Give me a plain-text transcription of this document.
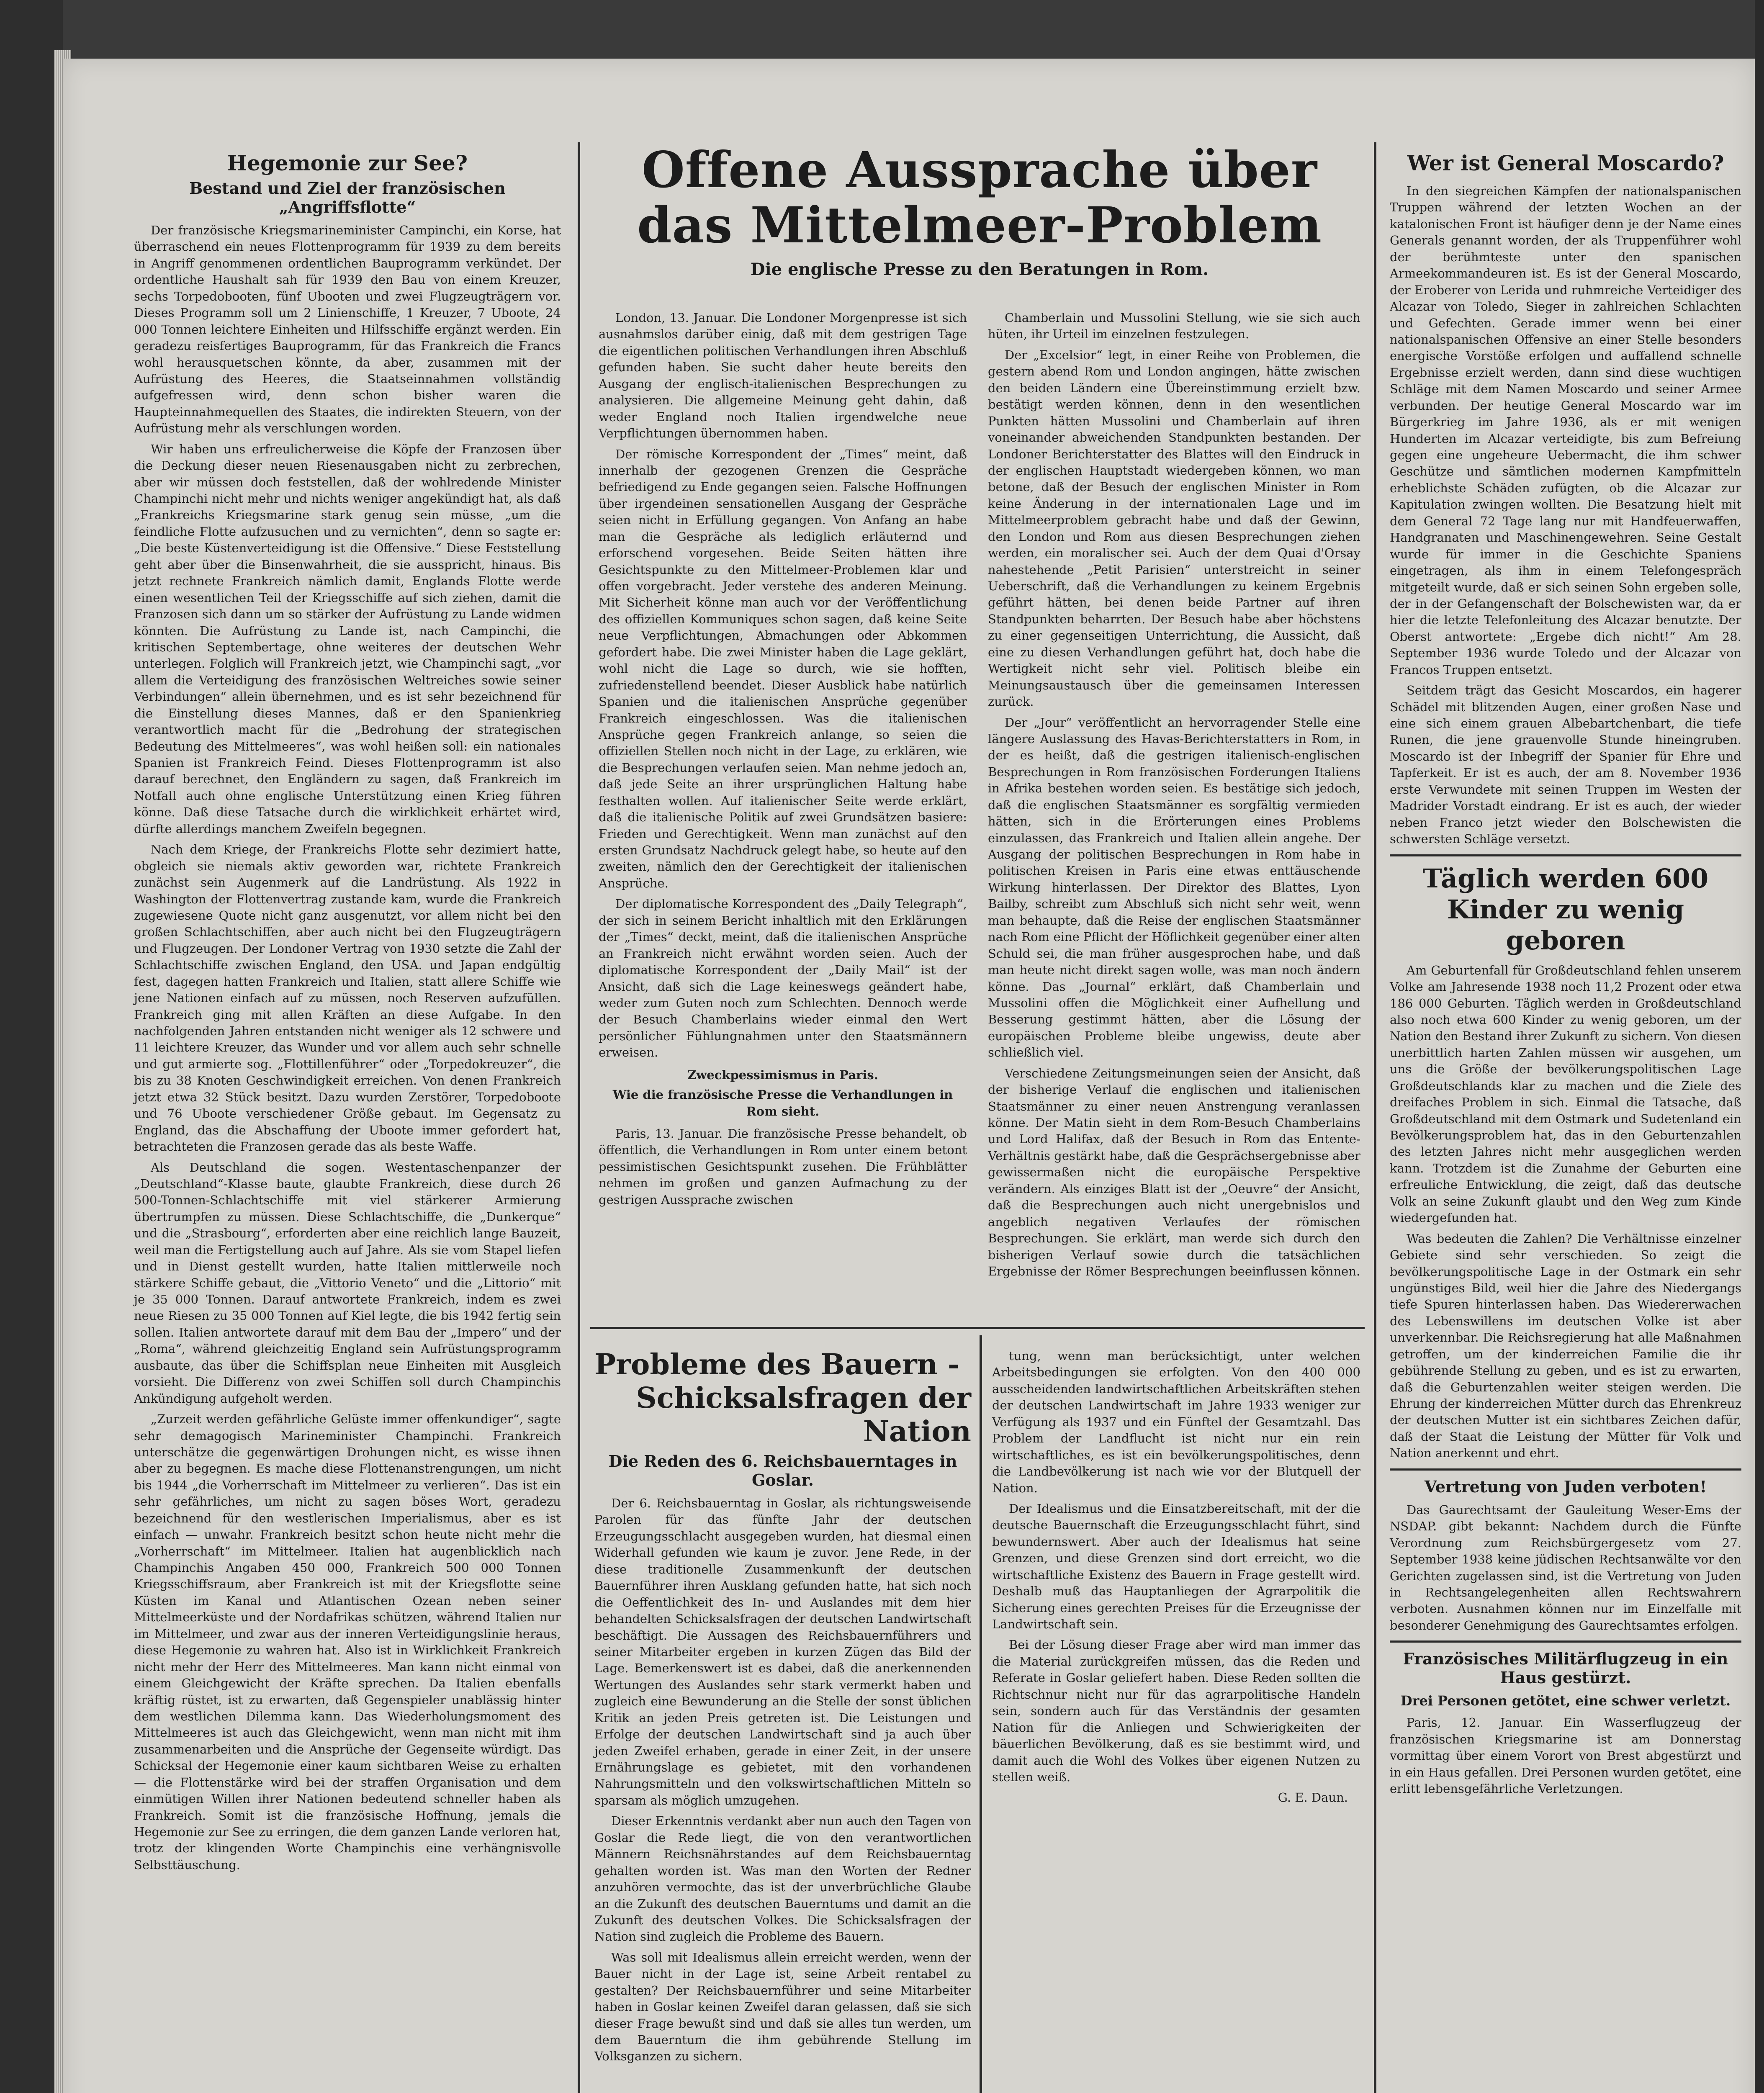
Hegemonie zur See?
Bestand und Ziel der französischen „Angriffsflotte“

Der französische Kriegsmarineminister Campinchi, ein Korse, hat überraschend ein neues Flottenprogramm für 1939 zu dem bereits in Angriff genommenen ordentlichen Bauprogramm verkündet. Der ordentliche Haushalt sah für 1939 den Bau von einem Kreuzer, sechs Torpedobooten, fünf Ubooten und zwei Flugzeugträgern vor. Dieses Programm soll um 2 Linienschiffe, 1 Kreuzer, 7 Uboote, 24 000 Tonnen leichtere Einheiten und Hilfsschiffe ergänzt werden. Ein geradezu reisfertiges Bauprogramm, für das Frankreich die Francs wohl herausquetschen könnte, da aber, zusammen mit der Aufrüstung des Heeres, die Staatseinnahmen vollständig aufgefressen wird, denn schon bisher waren die Haupteinnahmequellen des Staates, die indirekten Steuern, von der Aufrüstung mehr als verschlungen worden.

Wir haben uns erfreulicherweise die Köpfe der Franzosen über die Deckung dieser neuen Riesenausgaben nicht zu zerbrechen, aber wir müssen doch feststellen, daß der wohlredende Minister Champinchi nicht mehr und nichts weniger angekündigt hat, als daß „Frankreichs Kriegsmarine stark genug sein müsse, „um die feindliche Flotte aufzusuchen und zu vernichten“, denn so sagte er: „Die beste Küstenverteidigung ist die Offensive.“ Diese Feststellung geht aber über die Binsenwahrheit, die sie ausspricht, hinaus. Bis jetzt rechnete Frankreich nämlich damit, Englands Flotte werde einen wesentlichen Teil der Kriegsschiffe auf sich ziehen, damit die Franzosen sich dann um so stärker der Aufrüstung zu Lande widmen könnten. Die Aufrüstung zu Lande ist, nach Campinchi, die kritischen Septembertage, ohne weiteres der deutschen Wehr unterlegen. Folglich will Frankreich jetzt, wie Champinchi sagt, „vor allem die Verteidigung des französischen Weltreiches sowie seiner Verbindungen“ allein übernehmen, und es ist sehr bezeichnend für die Einstellung dieses Mannes, daß er den Spanienkrieg verantwortlich macht für die „Bedrohung der strategischen Bedeutung des Mittelmeeres“, was wohl heißen soll: ein nationales Spanien ist Frankreich Feind. Dieses Flottenprogramm ist also darauf berechnet, den Engländern zu sagen, daß Frankreich im Notfall auch ohne englische Unterstützung einen Krieg führen könne. Daß diese Tatsache durch die wirklichkeit erhärtet wird, dürfte allerdings manchem Zweifeln begegnen.

Nach dem Kriege, der Frankreichs Flotte sehr dezimiert hatte, obgleich sie niemals aktiv geworden war, richtete Frankreich zunächst sein Augenmerk auf die Landrüstung. Als 1922 in Washington der Flottenvertrag zustande kam, wurde die Frankreich zugewiesene Quote nicht ganz ausgenutzt, vor allem nicht bei den großen Schlachtschiffen, aber auch nicht bei den Flugzeugträgern und Flugzeugen. Der Londoner Vertrag von 1930 setzte die Zahl der Schlachtschiffe zwischen England, den USA. und Japan endgültig fest, dagegen hatten Frankreich und Italien, statt allere Schiffe wie jene Nationen einfach auf zu müssen, noch Reserven aufzufüllen. Frankreich ging mit allen Kräften an diese Aufgabe. In den nachfolgenden Jahren entstanden nicht weniger als 12 schwere und 11 leichtere Kreuzer, das Wunder und vor allem auch sehr schnelle und gut armierte sog. „Flottillenführer“ oder „Torpedokreuzer“, die bis zu 38 Knoten Geschwindigkeit erreichen. Von denen Frankreich jetzt etwa 32 Stück besitzt. Dazu wurden Zerstörer, Torpedoboote und 76 Uboote verschiedener Größe gebaut. Im Gegensatz zu England, das die Abschaffung der Uboote immer gefordert hat, betrachteten die Franzosen gerade das als beste Waffe.

Als Deutschland die sogen. Westentaschenpanzer der „Deutschland“-Klasse baute, glaubte Frankreich, diese durch 26 500-Tonnen-Schlachtschiffe mit viel stärkerer Armierung übertrumpfen zu müssen. Diese Schlachtschiffe, die „Dunkerque“ und die „Strasbourg“, erforderten aber eine reichlich lange Bauzeit, weil man die Fertigstellung auch auf Jahre. Als sie vom Stapel liefen und in Dienst gestellt wurden, hatte Italien mittlerweile noch stärkere Schiffe gebaut, die „Vittorio Veneto“ und die „Littorio“ mit je 35 000 Tonnen. Darauf antwortete Frankreich, indem es zwei neue Riesen zu 35 000 Tonnen auf Kiel legte, die bis 1942 fertig sein sollen. Italien antwortete darauf mit dem Bau der „Impero“ und der „Roma“, während gleichzeitig England sein Aufrüstungsprogramm ausbaute, das über die Schiffsplan neue Einheiten mit Ausgleich vorsieht. Die Differenz von zwei Schiffen soll durch Champinchis Ankündigung aufgeholt werden.

„Zurzeit werden gefährliche Gelüste immer offenkundiger“, sagte sehr demagogisch Marineminister Champinchi. Frankreich unterschätze die gegenwärtigen Drohungen nicht, es wisse ihnen aber zu begegnen. Es mache diese Flottenanstrengungen, um nicht bis 1944 „die Vorherrschaft im Mittelmeer zu verlieren“. Das ist ein sehr gefährliches, um nicht zu sagen böses Wort, geradezu bezeichnend für den westlerischen Imperialismus, aber es ist einfach — unwahr. Frankreich besitzt schon heute nicht mehr die „Vorherrschaft“ im Mittelmeer. Italien hat augenblicklich nach Champinchis Angaben 450 000, Frankreich 500 000 Tonnen Kriegsschiffsraum, aber Frankreich ist mit der Kriegsflotte seine Küsten im Kanal und Atlantischen Ozean neben seiner Mittelmeerküste und der Nordafrikas schützen, während Italien nur im Mittelmeer, und zwar aus der inneren Verteidigungslinie heraus, diese Hegemonie zu wahren hat. Also ist in Wirklichkeit Frankreich nicht mehr der Herr des Mittelmeeres. Man kann nicht einmal von einem Gleichgewicht der Kräfte sprechen. Da Italien ebenfalls kräftig rüstet, ist zu erwarten, daß Gegenspieler unablässig hinter dem westlichen Dilemma kann. Das Wiederholungsmoment des Mittelmeeres ist auch das Gleichgewicht, wenn man nicht mit ihm zusammenarbeiten und die Ansprüche der Gegenseite würdigt. Das Schicksal der Hegemonie einer kaum sichtbaren Weise zu erhalten — die Flottenstärke wird bei der straffen Organisation und dem einmütigen Willen ihrer Nationen bedeutend schneller haben als Frankreich. Somit ist die französische Hoffnung, jemals die Hegemonie zur See zu erringen, die dem ganzen Lande verloren hat, trotz der klingenden Worte Champinchis eine verhängnisvolle Selbsttäuschung.

Offene Aussprache über das Mittelmeer-Problem
Die englische Presse zu den Beratungen in Rom.

London, 13. Januar. Die Londoner Morgenpresse ist sich ausnahmslos darüber einig, daß mit dem gestrigen Tage die eigentlichen politischen Verhandlungen ihren Abschluß gefunden haben. Sie sucht daher heute bereits den Ausgang der englisch-italienischen Besprechungen zu analysieren. Die allgemeine Meinung geht dahin, daß weder England noch Italien irgendwelche neue Verpflichtungen übernommen haben.

Der römische Korrespondent der „Times“ meint, daß innerhalb der gezogenen Grenzen die Gespräche befriedigend zu Ende gegangen seien. Falsche Hoffnungen über irgendeinen sensationellen Ausgang der Gespräche seien nicht in Erfüllung gegangen. Von Anfang an habe man die Gespräche als lediglich erläuternd und erforschend vorgesehen. Beide Seiten hätten ihre Gesichtspunkte zu den Mittelmeer-Problemen klar und offen vorgebracht. Jeder verstehe des anderen Meinung. Mit Sicherheit könne man auch vor der Veröffentlichung des offiziellen Kommuniques schon sagen, daß keine Seite neue Verpflichtungen, Abmachungen oder Abkommen gefordert habe. Die zwei Minister haben die Lage geklärt, wohl nicht die Lage so durch, wie sie hofften, zufriedenstellend beendet. Dieser Ausblick habe natürlich Spanien und die italienischen Ansprüche gegenüber Frankreich eingeschlossen. Was die italienischen Ansprüche gegen Frankreich anlange, so seien die offiziellen Stellen noch nicht in der Lage, zu erklären, wie die Besprechungen verlaufen seien. Man nehme jedoch an, daß jede Seite an ihrer ursprünglichen Haltung habe festhalten wollen. Auf italienischer Seite werde erklärt, daß die italienische Politik auf zwei Grundsätzen basiere: Frieden und Gerechtigkeit. Wenn man zunächst auf den ersten Grundsatz Nachdruck gelegt habe, so heute auf den zweiten, nämlich den der Gerechtigkeit der italienischen Ansprüche.

Der diplomatische Korrespondent des „Daily Telegraph“, der sich in seinem Bericht inhaltlich mit den Erklärungen der „Times“ deckt, meint, daß die italienischen Ansprüche an Frankreich nicht erwähnt worden seien. Auch der diplomatische Korrespondent der „Daily Mail“ ist der Ansicht, daß sich die Lage keineswegs geändert habe, weder zum Guten noch zum Schlechten. Dennoch werde der Besuch Chamberlains wieder einmal den Wert persönlicher Fühlungnahmen unter den Staatsmännern erweisen.

Zweckpessimismus in Paris.

Wie die französische Presse die Verhandlungen in Rom sieht.

Paris, 13. Januar. Die französische Presse behandelt, ob öffentlich, die Verhandlungen in Rom unter einem betont pessimistischen Gesichtspunkt zusehen. Die Frühblätter nehmen im großen und ganzen Aufmachung zu der gestrigen Aussprache zwischen

Chamberlain und Mussolini Stellung, wie sie sich auch hüten, ihr Urteil im einzelnen festzulegen.

Der „Excelsior“ legt, in einer Reihe von Problemen, die gestern abend Rom und London angingen, hätte zwischen den beiden Ländern eine Übereinstimmung erzielt bzw. bestätigt werden können, denn in den wesentlichen Punkten hätten Mussolini und Chamberlain auf ihren voneinander abweichenden Standpunkten bestanden. Der Londoner Berichterstatter des Blattes will den Eindruck in der englischen Hauptstadt wiedergeben können, wo man betone, daß der Besuch der englischen Minister in Rom keine Änderung in der internationalen Lage und im Mittelmeerproblem gebracht habe und daß der Gewinn, den London und Rom aus diesen Besprechungen ziehen werden, ein moralischer sei. Auch der dem Quai d'Orsay nahestehende „Petit Parisien“ unterstreicht in seiner Ueberschrift, daß die Verhandlungen zu keinem Ergebnis geführt hätten, bei denen beide Partner auf ihren Standpunkten beharrten. Der Besuch habe aber höchstens zu einer gegenseitigen Unterrichtung, die Aussicht, daß eine zu diesen Verhandlungen geführt hat, doch habe die Wertigkeit nicht sehr viel. Politisch bleibe ein Meinungsaustausch über die gemeinsamen Interessen zurück.

Der „Jour“ veröffentlicht an hervorragender Stelle eine längere Auslassung des Havas-Berichterstatters in Rom, in der es heißt, daß die gestrigen italienisch-englischen Besprechungen in Rom französischen Forderungen Italiens in Afrika bestehen worden seien. Es bestätige sich jedoch, daß die englischen Staatsmänner es sorgfältig vermieden hätten, sich in die Erörterungen eines Problems einzulassen, das Frankreich und Italien allein angehe. Der Ausgang der politischen Besprechungen in Rom habe in politischen Kreisen in Paris eine etwas enttäuschende Wirkung hinterlassen. Der Direktor des Blattes, Lyon Bailby, schreibt zum Abschluß sich nicht sehr weit, wenn man behaupte, daß die Reise der englischen Staatsmänner nach Rom eine Pflicht der Höflichkeit gegenüber einer alten Schuld sei, die man früher ausgesprochen habe, und daß man heute nicht direkt sagen wolle, was man noch ändern könne. Das „Journal“ erklärt, daß Chamberlain und Mussolini offen die Möglichkeit einer Aufhellung und Besserung gestimmt hätten, aber die Lösung der europäischen Probleme bleibe ungewiss, deute aber schließlich viel.

Verschiedene Zeitungsmeinungen seien der Ansicht, daß der bisherige Verlauf die englischen und italienischen Staatsmänner zu einer neuen Anstrengung veranlassen könne. Der Matin sieht in dem Rom-Besuch Chamberlains und Lord Halifax, daß der Besuch in Rom das Entente-Verhältnis gestärkt habe, daß die Gesprächsergebnisse aber gewissermaßen nicht die europäische Perspektive verändern. Als einziges Blatt ist der „Oeuvre“ der Ansicht, daß die Besprechungen auch nicht unergebnislos und angeblich negativen Verlaufes der römischen Besprechungen. Sie erklärt, man werde sich durch den bisherigen Verlauf sowie durch die tatsächlichen Ergebnisse der Römer Besprechungen beeinflussen können.

Probleme des Bauern -
Schicksalsfragen der Nation
Die Reden des 6. Reichsbauerntages in Goslar.

Der 6. Reichsbauerntag in Goslar, als richtungsweisende Parolen für das fünfte Jahr der deutschen Erzeugungsschlacht ausgegeben wurden, hat diesmal einen Widerhall gefunden wie kaum je zuvor. Jene Rede, in der diese traditionelle Zusammenkunft der deutschen Bauernführer ihren Ausklang gefunden hatte, hat sich noch die Oeffentlichkeit des In- und Auslandes mit dem hier behandelten Schicksalsfragen der deutschen Landwirtschaft beschäftigt. Die Aussagen des Reichsbauernführers und seiner Mitarbeiter ergeben in kurzen Zügen das Bild der Lage. Bemerkenswert ist es dabei, daß die anerkennenden Wertungen des Auslandes sehr stark vermerkt haben und zugleich eine Bewunderung an die Stelle der sonst üblichen Kritik an jeden Preis getreten ist. Die Leistungen und Erfolge der deutschen Landwirtschaft sind ja auch über jeden Zweifel erhaben, gerade in einer Zeit, in der unsere Ernährungslage es gebietet, mit den vorhandenen Nahrungsmitteln und den volkswirtschaftlichen Mitteln so sparsam als möglich umzugehen.

Dieser Erkenntnis verdankt aber nun auch den Tagen von Goslar die Rede liegt, die von den verantwortlichen Männern Reichsnährstandes auf dem Reichsbauerntag gehalten worden ist. Was man den Worten der Redner anzuhören vermochte, das ist der unverbrüchliche Glaube an die Zukunft des deutschen Bauerntums und damit an die Zukunft des deutschen Volkes. Die Schicksalsfragen der Nation sind zugleich die Probleme des Bauern.

Was soll mit Idealismus allein erreicht werden, wenn der Bauer nicht in der Lage ist, seine Arbeit rentabel zu gestalten? Der Reichsbauernführer und seine Mitarbeiter haben in Goslar keinen Zweifel daran gelassen, daß sie sich dieser Frage bewußt sind und daß sie alles tun werden, um dem Bauerntum die ihm gebührende Stellung im Volksganzen zu sichern.

tung, wenn man berücksichtigt, unter welchen Arbeitsbedingungen sie erfolgten. Von den 400 000 ausscheidenden landwirtschaftlichen Arbeitskräften stehen der deutschen Landwirtschaft im Jahre 1933 weniger zur Verfügung als 1937 und ein Fünftel der Gesamtzahl. Das Problem der Landflucht ist nicht nur ein rein wirtschaftliches, es ist ein bevölkerungspolitisches, denn die Landbevölkerung ist nach wie vor der Blutquell der Nation.

Der Idealismus und die Einsatzbereitschaft, mit der die deutsche Bauernschaft die Erzeugungsschlacht führt, sind bewundernswert. Aber auch der Idealismus hat seine Grenzen, und diese Grenzen sind dort erreicht, wo die wirtschaftliche Existenz des Bauern in Frage gestellt wird. Deshalb muß das Hauptanliegen der Agrarpolitik die Sicherung eines gerechten Preises für die Erzeugnisse der Landwirtschaft sein.

Bei der Lösung dieser Frage aber wird man immer das die Material zurückgreifen müssen, das die Reden und Referate in Goslar geliefert haben. Diese Reden sollten die Richtschnur nicht nur für das agrarpolitische Handeln sein, sondern auch für das Verständnis der gesamten Nation für die Anliegen und Schwierigkeiten der bäuerlichen Bevölkerung, daß es sie bestimmt wird, und damit auch die Wohl des Volkes über eigenen Nutzen zu stellen weiß.

G. E. Daun.

Wer ist General Moscardo?

In den siegreichen Kämpfen der nationalspanischen Truppen während der letzten Wochen an der katalonischen Front ist häufiger denn je der Name eines Generals genannt worden, der als Truppenführer wohl der berühmteste unter den spanischen Armeekommandeuren ist. Es ist der General Moscardo, der Eroberer von Lerida und ruhmreiche Verteidiger des Alcazar von Toledo, Sieger in zahlreichen Schlachten und Gefechten. Gerade immer wenn bei einer nationalspanischen Offensive an einer Stelle besonders energische Vorstöße erfolgen und auffallend schnelle Ergebnisse erzielt werden, dann sind diese wuchtigen Schläge mit dem Namen Moscardo und seiner Armee verbunden. Der heutige General Moscardo war im Bürgerkrieg im Jahre 1936, als er mit wenigen Hunderten im Alcazar verteidigte, bis zum Befreiung gegen eine ungeheure Uebermacht, die ihm schwer Geschütze und sämtlichen modernen Kampfmitteln erheblichste Schäden zufügten, ob die Alcazar zur Kapitulation zwingen wollten. Die Besatzung hielt mit dem General 72 Tage lang nur mit Handfeuerwaffen, Handgranaten und Maschinengewehren. Seine Gestalt wurde für immer in die Geschichte Spaniens eingetragen, als ihm in einem Telefongespräch mitgeteilt wurde, daß er sich seinen Sohn ergeben solle, der in der Gefangenschaft der Bolschewisten war, da er hier die letzte Telefonleitung des Alcazar benutzte. Der Oberst antwortete: „Ergebe dich nicht!“ Am 28. September 1936 wurde Toledo und der Alcazar von Francos Truppen entsetzt.

Seitdem trägt das Gesicht Moscardos, ein hagerer Schädel mit blitzenden Augen, einer großen Nase und eine sich einem grauen Albebartchenbart, die tiefe Runen, die jene grauenvolle Stunde hineingruben. Moscardo ist der Inbegriff der Spanier für Ehre und Tapferkeit. Er ist es auch, der am 8. November 1936 erste Verwundete mit seinen Truppen im Westen der Madrider Vorstadt eindrang. Er ist es auch, der wieder neben Franco jetzt wieder den Bolschewisten die schwersten Schläge versetzt.

Täglich werden 600 Kinder zu wenig geboren

Am Geburtenfall für Großdeutschland fehlen unserem Volke am Jahresende 1938 noch 11,2 Prozent oder etwa 186 000 Geburten. Täglich werden in Großdeutschland also noch etwa 600 Kinder zu wenig geboren, um der Nation den Bestand ihrer Zukunft zu sichern. Von diesen unerbittlich harten Zahlen müssen wir ausgehen, um uns die Größe der bevölkerungspolitischen Lage Großdeutschlands klar zu machen und die Ziele des dreifaches Problem in sich. Einmal die Tatsache, daß Großdeutschland mit dem Ostmark und Sudetenland ein Bevölkerungsproblem hat, das in den Geburtenzahlen des letzten Jahres nicht mehr ausgeglichen werden kann. Trotzdem ist die Zunahme der Geburten eine erfreuliche Entwicklung, die zeigt, daß das deutsche Volk an seine Zukunft glaubt und den Weg zum Kinde wiedergefunden hat.

Was bedeuten die Zahlen? Die Verhältnisse einzelner Gebiete sind sehr verschieden. So zeigt die bevölkerungspolitische Lage in der Ostmark ein sehr ungünstiges Bild, weil hier die Jahre des Niedergangs tiefe Spuren hinterlassen haben. Das Wiedererwachen des Lebenswillens im deutschen Volke ist aber unverkennbar. Die Reichsregierung hat alle Maßnahmen getroffen, um der kinderreichen Familie die ihr gebührende Stellung zu geben, und es ist zu erwarten, daß die Geburtenzahlen weiter steigen werden. Die Ehrung der kinderreichen Mütter durch das Ehrenkreuz der deutschen Mutter ist ein sichtbares Zeichen dafür, daß der Staat die Leistung der Mütter für Volk und Nation anerkennt und ehrt.

Vertretung von Juden verboten!

Das Gaurechtsamt der Gauleitung Weser-Ems der NSDAP. gibt bekannt: Nachdem durch die Fünfte Verordnung zum Reichsbürgergesetz vom 27. September 1938 keine jüdischen Rechtsanwälte vor den Gerichten zugelassen sind, ist die Vertretung von Juden in Rechtsangelegenheiten allen Rechtswahrern verboten. Ausnahmen können nur im Einzelfalle mit besonderer Genehmigung des Gaurechtsamtes erfolgen.

Französisches Militärflugzeug in ein Haus gestürzt.
Drei Personen getötet, eine schwer verletzt.

Paris, 12. Januar. Ein Wasserflugzeug der französischen Kriegsmarine ist am Donnerstag vormittag über einem Vorort von Brest abgestürzt und in ein Haus gefallen. Drei Personen wurden getötet, eine erlitt lebensgefährliche Verletzungen.
